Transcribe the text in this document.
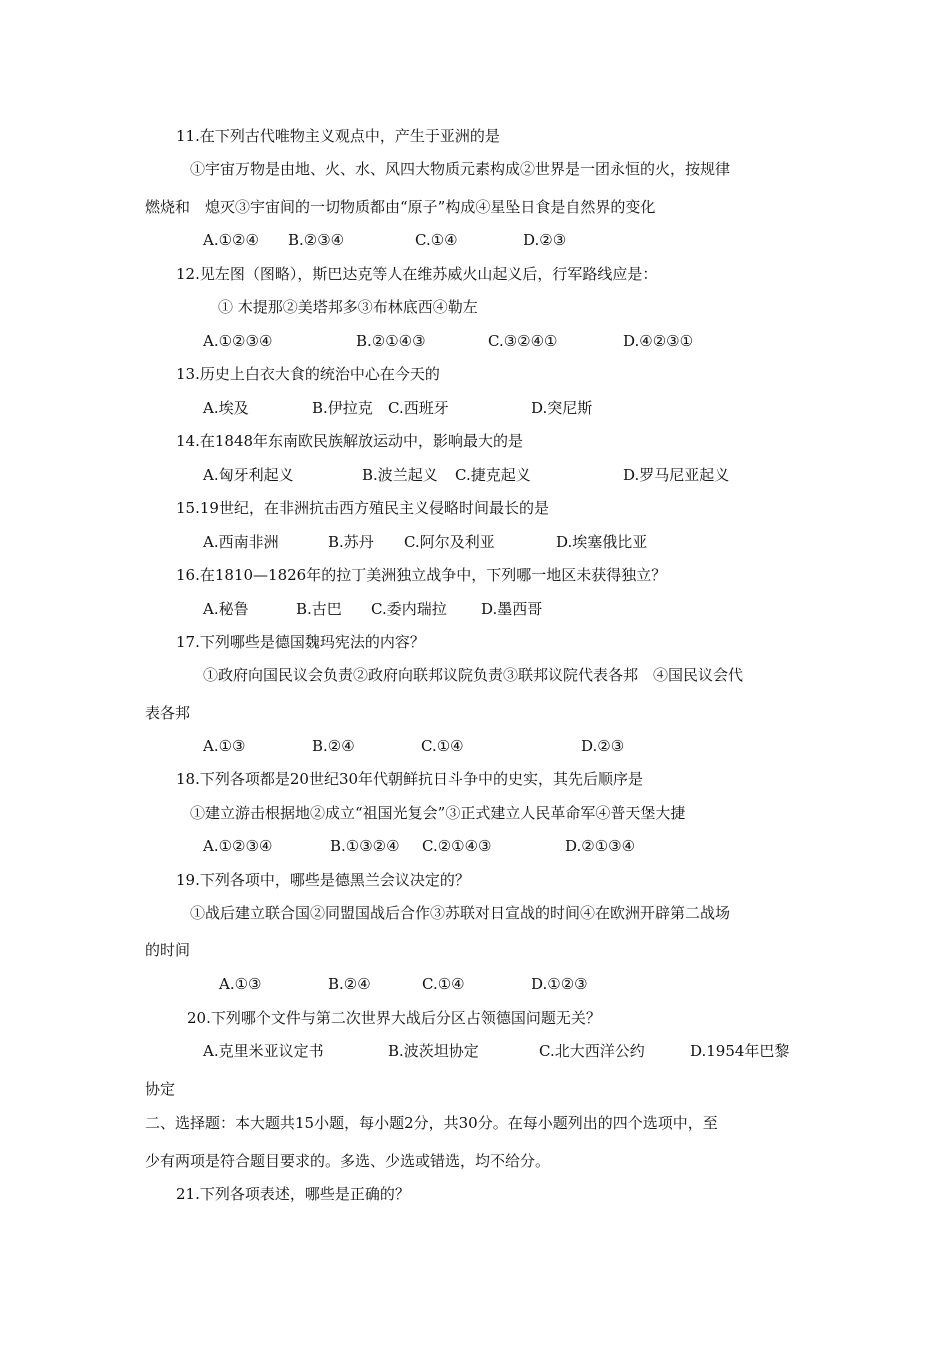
11.在下列古代唯物主义观点中，产生于亚洲的是
①宇宙万物是由地、火、水、风四大物质元素构成②世界是一团永恒的火，按规律
燃烧和　熄灭③宇宙间的一切物质都由“原子”构成④星坠日食是自然界的变化
A.①②④ B.②③④	C.①④	D.②③
12.见左图（图略），斯巴达克等人在维苏威火山起义后，行军路线应是：
① 木提那②美塔邦多③布林底西④勒左
A.①②③④	B.②①④③	C.③②④①	D.④②③①
13.历史上白衣大食的统治中心在今天的
A.埃及	B.伊拉克 C.西班牙	D.突尼斯
14.在1848年东南欧民族解放运动中，影响最大的是
A.匈牙利起义	B.波兰起义 C.捷克起义	D.罗马尼亚起义
15.19世纪，在非洲抗击西方殖民主义侵略时间最长的是
A.西南非洲	B.苏丹 C.阿尔及利亚	D.埃塞俄比亚
16.在1810—1826年的拉丁美洲独立战争中，下列哪一地区未获得独立？
A.秘鲁	B.古巴 C.委内瑞拉 D.墨西哥
17.下列哪些是德国魏玛宪法的内容？
①政府向国民议会负责②政府向联邦议院负责③联邦议院代表各邦　④国民议会代
表各邦
A.①③	B.②④	C.①④	D.②③
18.下列各项都是20世纪30年代朝鲜抗日斗争中的史实，其先后顺序是
①建立游击根据地②成立“祖国光复会”③正式建立人民革命军④普天堡大捷
A.①②③④	B.①③②④ C.②①④③	D.②①③④
19.下列各项中，哪些是德黑兰会议决定的？
①战后建立联合国②同盟国战后合作③苏联对日宣战的时间④在欧洲开辟第二战场
的时间
A.①③	B.②④	C.①④	D.①②③
20.下列哪个文件与第二次世界大战后分区占领德国问题无关？
A.克里米亚议定书	B.波茨坦协定	C.北大西洋公约	D.1954年巴黎
协定
二、选择题：本大题共15小题，每小题2分，共30分。在每小题列出的四个选项中，至
少有两项是符合题目要求的。多选、少选或错选，均不给分。
21.下列各项表述，哪些是正确的？
